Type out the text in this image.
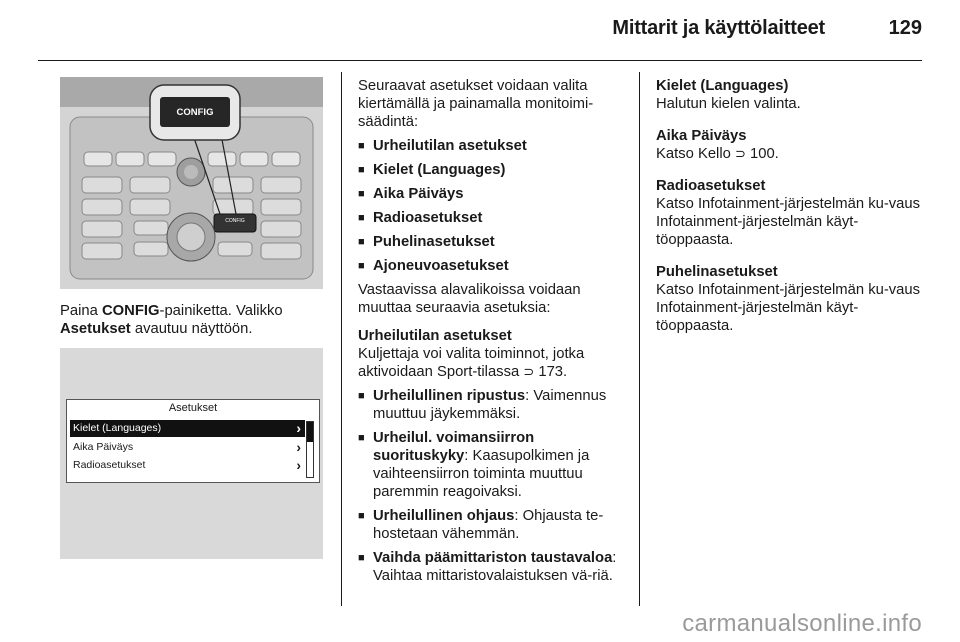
Mittarit ja käyttölaitteet	129
CONFIG
CONFIG

Paina CONFIG-painiketta. Valikko
Asetukset avautuu näyttöön.

Asetukset
Kielet (Languages)	›
Aika Päiväys	›
Radioasetukset	›

Seuraavat asetukset voidaan valita kiertämällä ja painamalla monitoimi-säädintä:

■ Urheilutilan asetukset
■ Kielet (Languages)
■ Aika Päiväys
■ Radioasetukset
■ Puhelinasetukset
■ Ajoneuvoasetukset

Vastaavissa alavalikoissa voidaan muuttaa seuraavia asetuksia:

Urheilutilan asetukset

Kuljettaja voi valita toiminnot, jotka aktivoidaan Sport-tilassa ⊃ 173.

■ Urheilullinen ripustus: Vaimennus muuttuu jäykemmäksi.
■ Urheilul. voimansiirron suorituskyky: Kaasupolkimen ja vaihteensiirron toiminta muuttuu paremmin reagoivaksi.
■ Urheilullinen ohjaus: Ohjausta te-hostetaan vähemmän.
■ Vaihda päämittariston taustavaloa: Vaihtaa mittaristovalaistuksen vä-riä.

Kielet (Languages)

Halutun kielen valinta.

Aika Päiväys

Katso Kello ⊃ 100.

Radioasetukset

Katso Infotainment-järjestelmän ku-vaus Infotainment-järjestelmän käyt-töoppaasta.

Puhelinasetukset

Katso Infotainment-järjestelmän ku-vaus Infotainment-järjestelmän käyt-töoppaasta.

carmanualsonline.info
